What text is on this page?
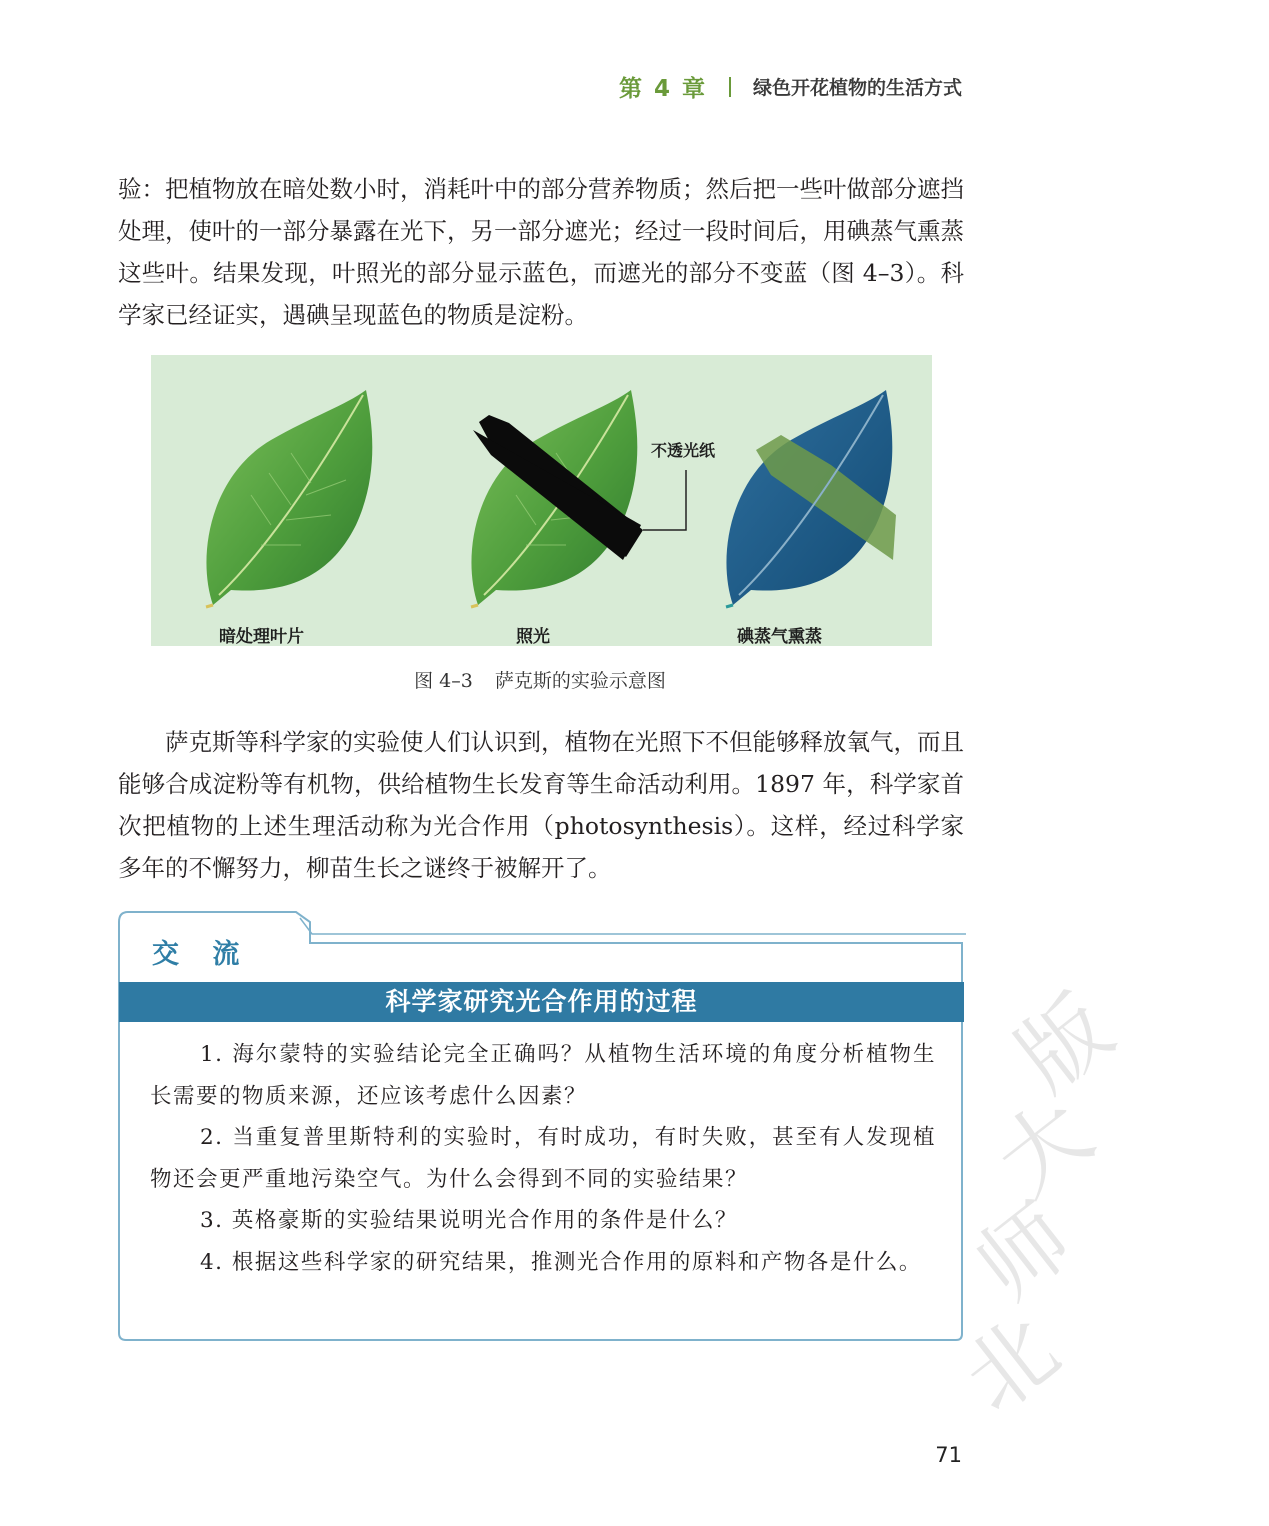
第 4 章 绿色开花植物的生活方式
验：把植物放在暗处数小时，消耗叶中的部分营养物质；然后把一些叶做部分遮挡处理，使叶的一部分暴露在光下，另一部分遮光；经过一段时间后，用碘蒸气熏蒸这些叶。结果发现，叶照光的部分显示蓝色，而遮光的部分不变蓝（图 4–3）。科学家已经证实，遇碘呈现蓝色的物质是淀粉。
不透光纸
暗处理叶片	照光	碘蒸气熏蒸
图 4–3 萨克斯的实验示意图
萨克斯等科学家的实验使人们认识到，植物在光照下不但能够释放氧气，而且能够合成淀粉等有机物，供给植物生长发育等生命活动利用。1897 年，科学家首次把植物的上述生理活动称为光合作用（photosynthesis）。这样，经过科学家多年的不懈努力，柳苗生长之谜终于被解开了。
交 流
科学家研究光合作用的过程

1. 海尔蒙特的实验结论完全正确吗？从植物生活环境的角度分析植物生长需要的物质来源，还应该考虑什么因素？

2. 当重复普里斯特利的实验时，有时成功，有时失败，甚至有人发现植物还会更严重地污染空气。为什么会得到不同的实验结果？

3. 英格豪斯的实验结果说明光合作用的条件是什么？

4. 根据这些科学家的研究结果，推测光合作用的原料和产物各是什么。

北
师
大
版
71
